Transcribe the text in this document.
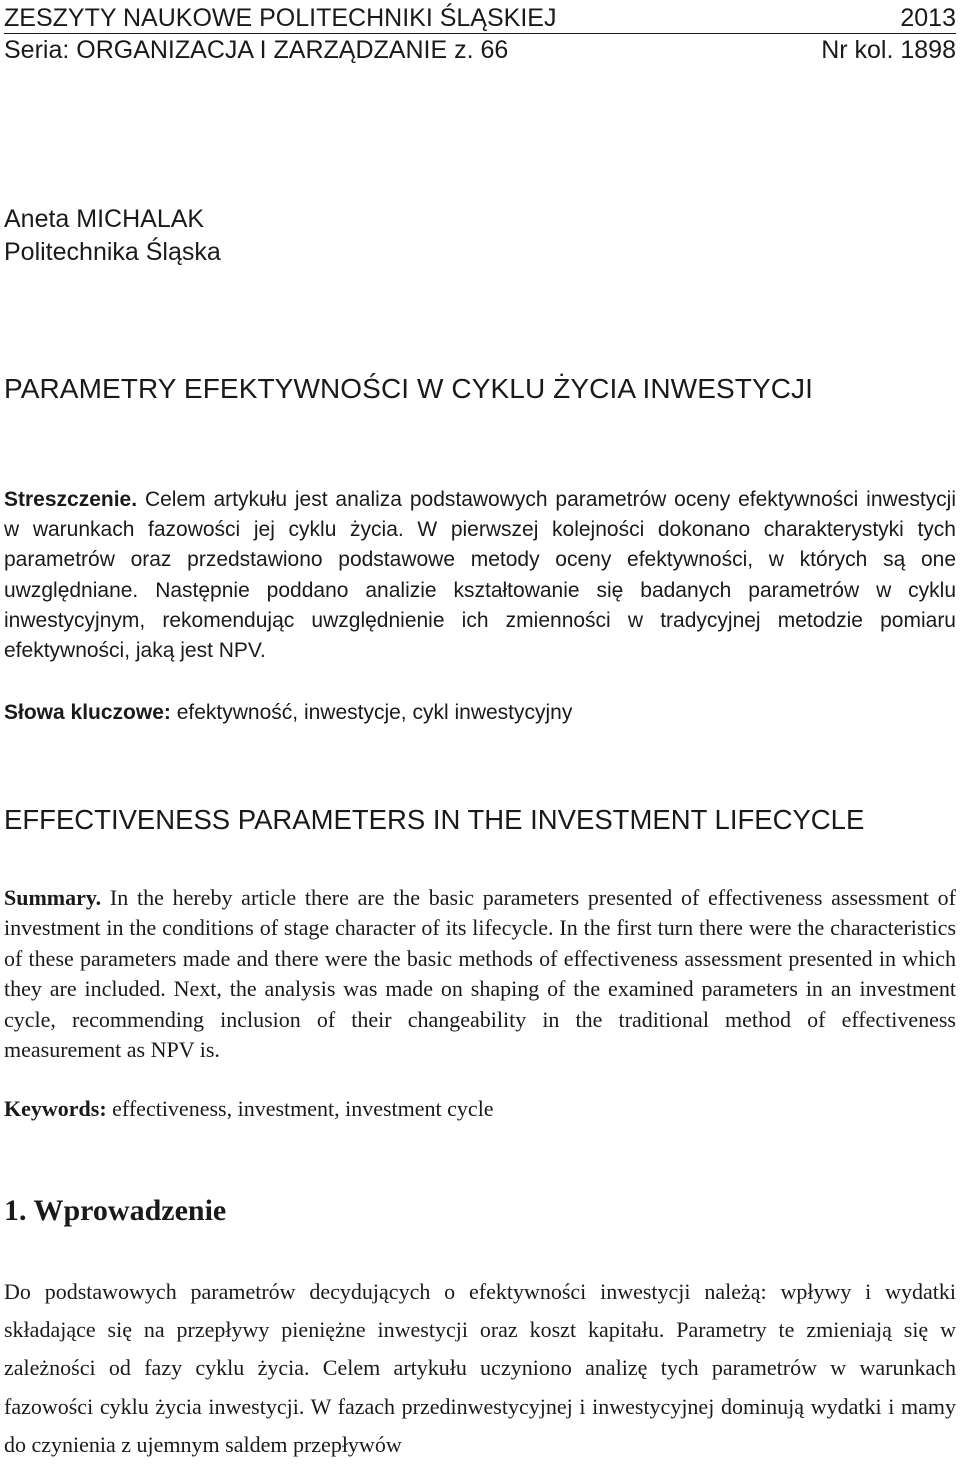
ZESZYTY NAUKOWE POLITECHNIKI ŚLĄSKIEJ	2013
Seria: ORGANIZACJA I ZARZĄDZANIE z. 66	Nr kol. 1898
Aneta MICHALAK
Politechnika Śląska
PARAMETRY EFEKTYWNOŚCI W CYKLU ŻYCIA INWESTYCJI

Streszczenie. Celem artykułu jest analiza podstawowych parametrów oceny efektywności inwestycji w warunkach fazowości jej cyklu życia. W pierwszej kolejności dokonano charakterystyki tych parametrów oraz przedstawiono podstawowe metody oceny efektywności, w których są one uwzględniane. Następnie poddano analizie kształtowanie się badanych parametrów w cyklu inwestycyjnym, rekomendując uwzględnienie ich zmienności w tradycyjnej metodzie pomiaru efektywności, jaką jest NPV.

Słowa kluczowe: efektywność, inwestycje, cykl inwestycyjny

EFFECTIVENESS PARAMETERS IN THE INVESTMENT LIFECYCLE

Summary. In the hereby article there are the basic parameters presented of effectiveness assessment of investment in the conditions of stage character of its lifecycle. In the first turn there were the characteristics of these parameters made and there were the basic methods of effectiveness assessment presented in which they are included. Next, the analysis was made on shaping of the examined parameters in an investment cycle, recommending inclusion of their changeability in the traditional method of effectiveness measurement as NPV is.

Keywords: effectiveness, investment, investment cycle

1. Wprowadzenie

Do podstawowych parametrów decydujących o efektywności inwestycji należą: wpływy i wydatki składające się na przepływy pieniężne inwestycji oraz koszt kapitału. Parametry te zmieniają się w zależności od fazy cyklu życia. Celem artykułu uczyniono analizę tych parametrów w warunkach fazowości cyklu życia inwestycji. W fazach przedinwestycyjnej i inwestycyjnej dominują wydatki i mamy do czynienia z ujemnym saldem przepływów
